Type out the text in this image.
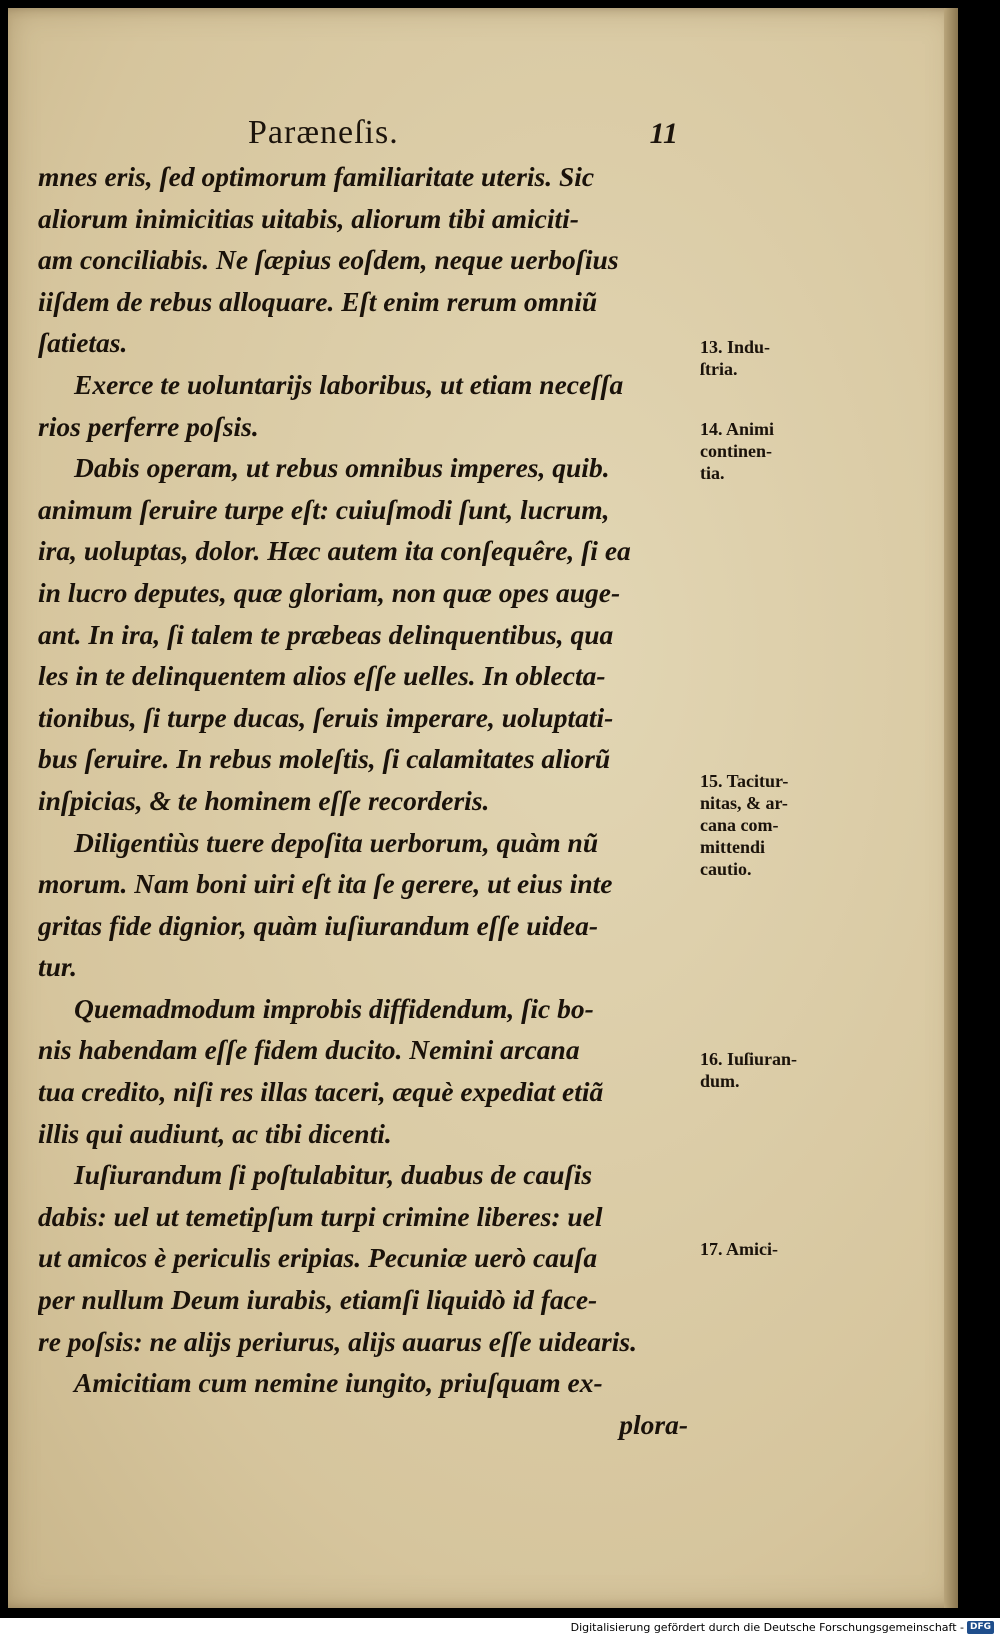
Paræneſis.	11
mnes eris, ſed optimorum familiaritate uteris. Sic
aliorum inimicitias uitabis, aliorum tibi amiciti-
am conciliabis. Ne ſæpius eoſdem, neque uerboſius
iiſdem de rebus alloquare. Eſt enim rerum omniũ
ſatietas.
Exerce te uoluntarijs laboribus, ut etiam neceſſa
rios perferre poſsis.
Dabis operam, ut rebus omnibus imperes, quib.
animum ſeruire turpe eſt: cuiuſmodi ſunt, lucrum,
ira, uoluptas, dolor. Hæc autem ita conſequêre, ſi ea
in lucro deputes, quæ gloriam, non quæ opes auge-
ant. In ira, ſi talem te præbeas delinquentibus, qua
les in te delinquentem alios eſſe uelles. In oblecta-
tionibus, ſi turpe ducas, ſeruis imperare, uoluptati-
bus ſeruire. In rebus moleſtis, ſi calamitates aliorũ
inſpicias, & te hominem eſſe recorderis.
Diligentiùs tuere depoſita uerborum, quàm nũ
morum. Nam boni uiri eſt ita ſe gerere, ut eius inte
gritas fide dignior, quàm iuſiurandum eſſe uidea-
tur.
Quemadmodum improbis diffidendum, ſic bo-
nis habendam eſſe fidem ducito. Nemini arcana
tua credito, niſi res illas taceri, æquè expediat etiã
illis qui audiunt, ac tibi dicenti.
Iuſiurandum ſi poſtulabitur, duabus de cauſis
dabis: uel ut temetipſum turpi crimine liberes: uel
ut amicos è periculis eripias. Pecuniæ uerò cauſa
per nullum Deum iurabis, etiamſi liquidò id face-
re poſsis: ne alijs periurus, alijs auarus eſſe uidearis.
Amicitiam cum nemine iungito, priuſquam ex-
plora-
13. Indu-
ſtria.
14. Animi
continen-
tia.
15. Tacitur-
nitas, & ar-
cana com-
mittendi
cautio.
16. Iuſiuran-
dum.
17. Amici-
Digitalisierung gefördert durch die Deutsche Forschungsgemeinschaft - DFG
